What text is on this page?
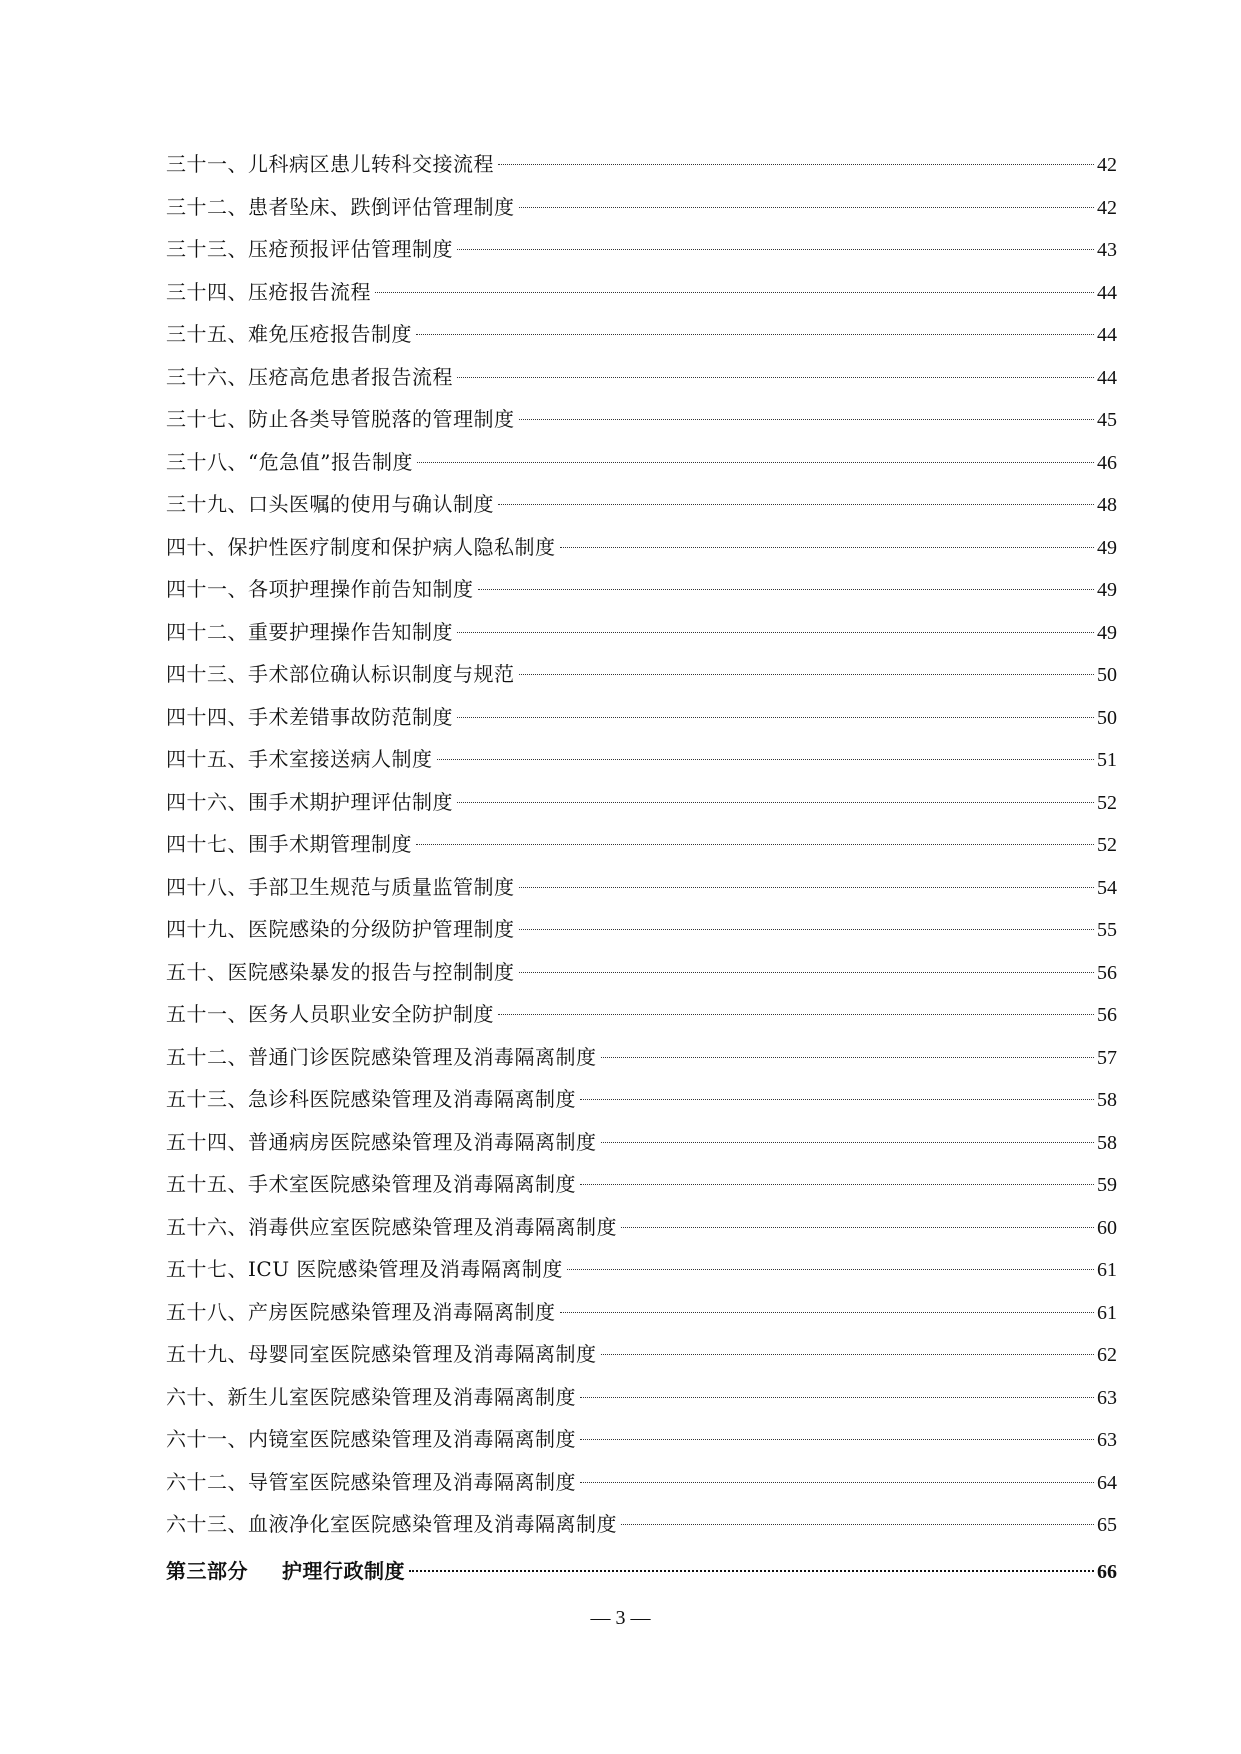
三十一、儿科病区患儿转科交接流程	42
三十二、患者坠床、跌倒评估管理制度	42
三十三、压疮预报评估管理制度	43
三十四、压疮报告流程	44
三十五、难免压疮报告制度	44
三十六、压疮高危患者报告流程	44
三十七、防止各类导管脱落的管理制度	45
三十八、“危急值”报告制度	46
三十九、口头医嘱的使用与确认制度	48
四十、保护性医疗制度和保护病人隐私制度	49
四十一、各项护理操作前告知制度	49
四十二、重要护理操作告知制度	49
四十三、手术部位确认标识制度与规范	50
四十四、手术差错事故防范制度	50
四十五、手术室接送病人制度	51
四十六、围手术期护理评估制度	52
四十七、围手术期管理制度	52
四十八、手部卫生规范与质量监管制度	54
四十九、医院感染的分级防护管理制度	55
五十、医院感染暴发的报告与控制制度	56
五十一、医务人员职业安全防护制度	56
五十二、普通门诊医院感染管理及消毒隔离制度	57
五十三、急诊科医院感染管理及消毒隔离制度	58
五十四、普通病房医院感染管理及消毒隔离制度	58
五十五、手术室医院感染管理及消毒隔离制度	59
五十六、消毒供应室医院感染管理及消毒隔离制度	60
五十七、ICU 医院感染管理及消毒隔离制度	61
五十八、产房医院感染管理及消毒隔离制度	61
五十九、母婴同室医院感染管理及消毒隔离制度	62
六十、新生儿室医院感染管理及消毒隔离制度	63
六十一、内镜室医院感染管理及消毒隔离制度	63
六十二、导管室医院感染管理及消毒隔离制度	64
六十三、血液净化室医院感染管理及消毒隔离制度	65
第三部分 护理行政制度	66
— 3 —
